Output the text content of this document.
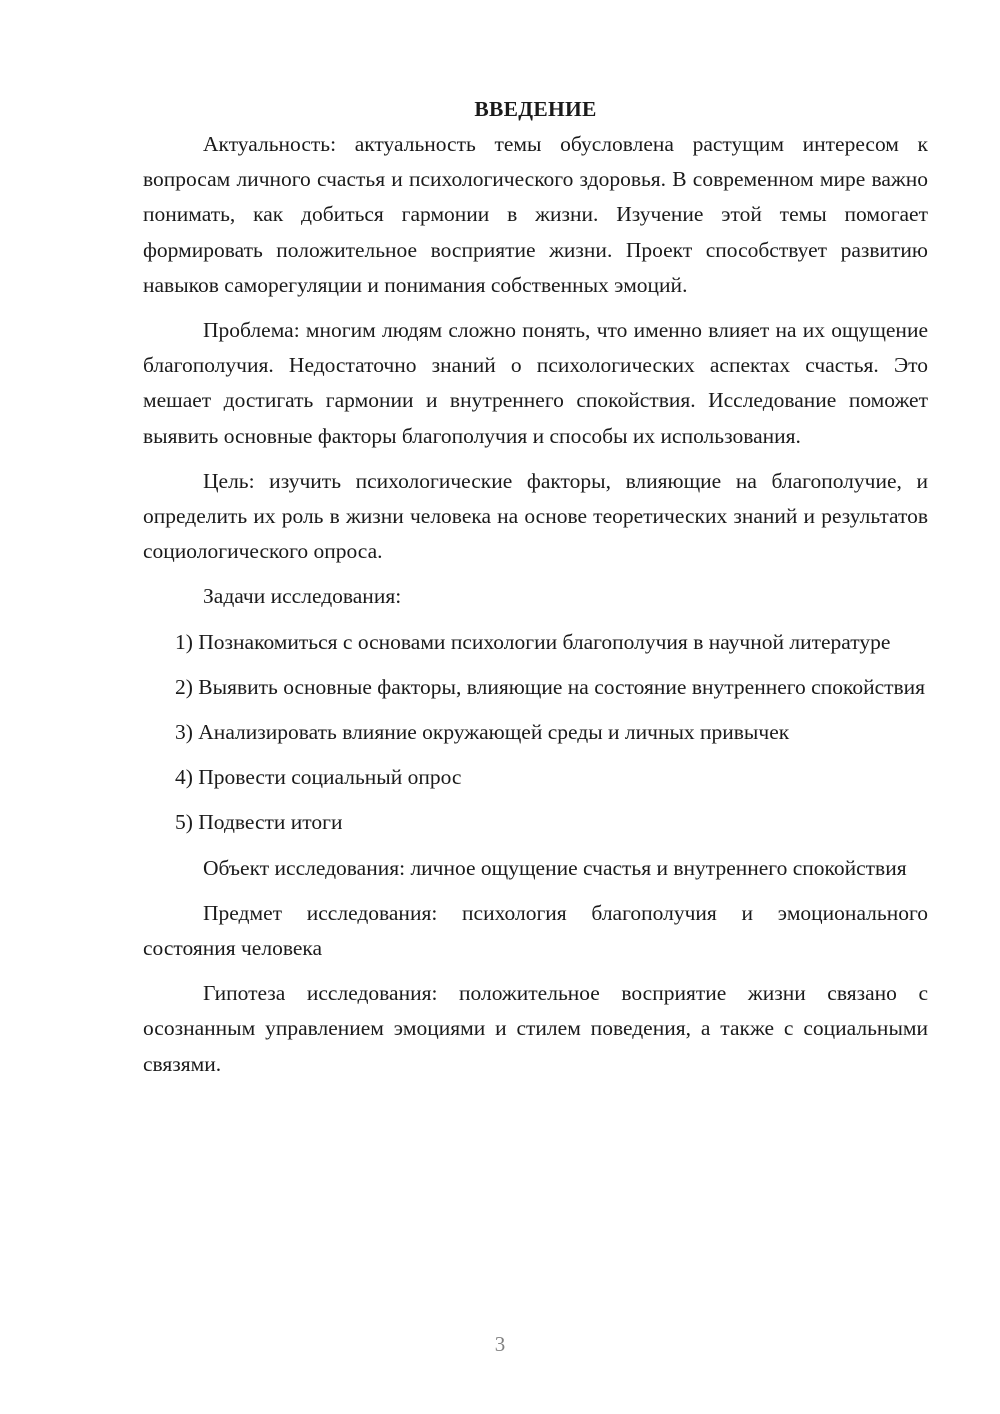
ВВЕДЕНИЕ

Актуальность: актуальность темы обусловлена растущим интересом к вопросам личного счастья и психологического здоровья. В современном мире важно понимать, как добиться гармонии в жизни. Изучение этой темы помогает формировать положительное восприятие жизни. Проект способствует развитию навыков саморегуляции и понимания собственных эмоций.

Проблема: многим людям сложно понять, что именно влияет на их ощущение благополучия. Недостаточно знаний о психологических аспектах счастья. Это мешает достигать гармонии и внутреннего спокойствия. Исследование поможет выявить основные факторы благополучия и способы их использования.

Цель: изучить психологические факторы, влияющие на благополучие, и определить их роль в жизни человека на основе теоретических знаний и результатов социологического опроса.

Задачи исследования:

1) Познакомиться с основами психологии благополучия в научной литературе

2) Выявить основные факторы, влияющие на состояние внутреннего спокойствия

3) Анализировать влияние окружающей среды и личных привычек

4) Провести социальный опрос

5) Подвести итоги

Объект исследования: личное ощущение счастья и внутреннего спокойствия

Предмет исследования: психология благополучия и эмоционального состояния человека

Гипотеза исследования: положительное восприятие жизни связано с осознанным управлением эмоциями и стилем поведения, а также с социальными связями.

3
